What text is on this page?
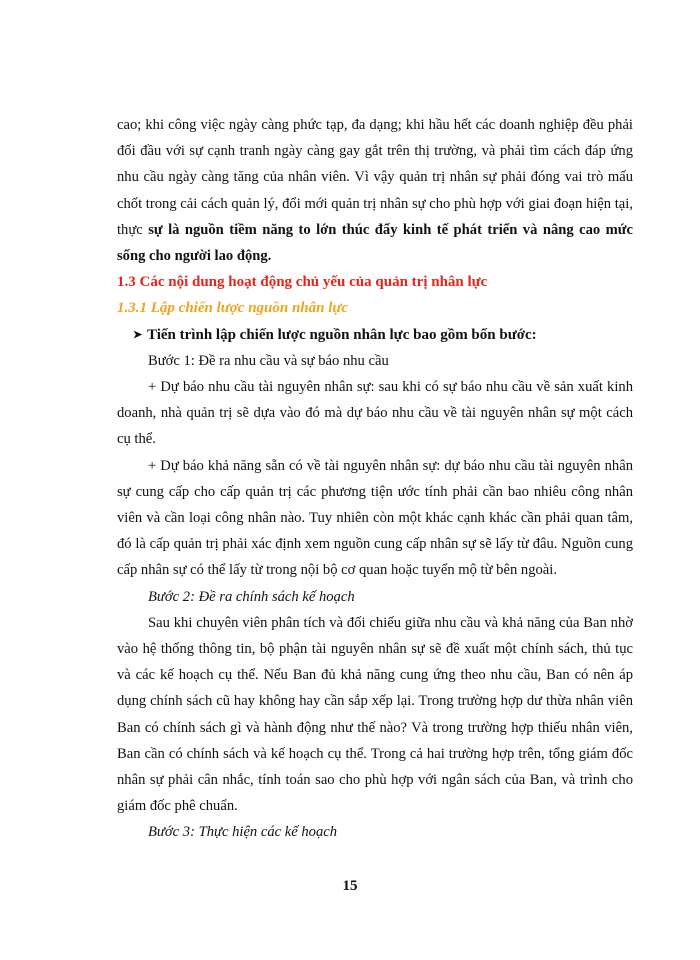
cao; khi công việc ngày càng phức tạp, đa dạng; khi hầu hết các doanh nghiệp đều phải đối đầu với sự cạnh tranh ngày càng gay gắt trên thị trường, và phải tìm cách đáp ứng nhu cầu ngày càng tăng của nhân viên. Vì vậy quản trị nhân sự phải đóng vai trò mấu chốt trong cải cách quản lý, đổi mới quản trị nhân sự cho phù hợp với giai đoạn hiện tại, thực sự là nguồn tiềm năng to lớn thúc đẩy kinh tế phát triển và nâng cao mức sống cho người lao động.

1.3 Các nội dung hoạt động chủ yếu của quản trị nhân lực

1.3.1 Lập chiến lược nguồn nhân lực

➤ Tiến trình lập chiến lược nguồn nhân lực bao gồm bốn bước:

Bước 1: Đề ra nhu cầu và sự báo nhu cầu

+ Dự báo nhu cầu tài nguyên nhân sự: sau khi có sự báo nhu cầu về sản xuất kinh doanh, nhà quản trị sẽ dựa vào đó mà dự báo nhu cầu về tài nguyên nhân sự một cách cụ thể.

+ Dự báo khả năng sẵn có về tài nguyên nhân sự: dự báo nhu cầu tài nguyên nhân sự cung cấp cho cấp quản trị các phương tiện ước tính phải cần bao nhiêu công nhân viên và cần loại công nhân nào. Tuy nhiên còn một khác cạnh khác cần phải quan tâm, đó là cấp quản trị phải xác định xem nguồn cung cấp nhân sự sẽ lấy từ đâu. Nguồn cung cấp nhân sự có thể lấy từ trong nội bộ cơ quan hoặc tuyển mộ từ bên ngoài.

Bước 2: Đề ra chính sách kế hoạch

Sau khi chuyên viên phân tích và đối chiếu giữa nhu cầu và khả năng của Ban nhờ vào hệ thống thông tin, bộ phận tài nguyên nhân sự sẽ đề xuất một chính sách, thủ tục và các kế hoạch cụ thể. Nếu Ban đủ khả năng cung ứng theo nhu cầu, Ban có nên áp dụng chính sách cũ hay không hay cần sắp xếp lại. Trong trường hợp dư thừa nhân viên Ban có chính sách gì và hành động như thế nào? Và trong trường hợp thiếu nhân viên, Ban cần có chính sách và kế hoạch cụ thể. Trong cả hai trường hợp trên, tổng giám đốc nhân sự phải cân nhắc, tính toán sao cho phù hợp với ngân sách của Ban, và trình cho giám đốc phê chuẩn.

Bước 3: Thực hiện các kế hoạch

15
